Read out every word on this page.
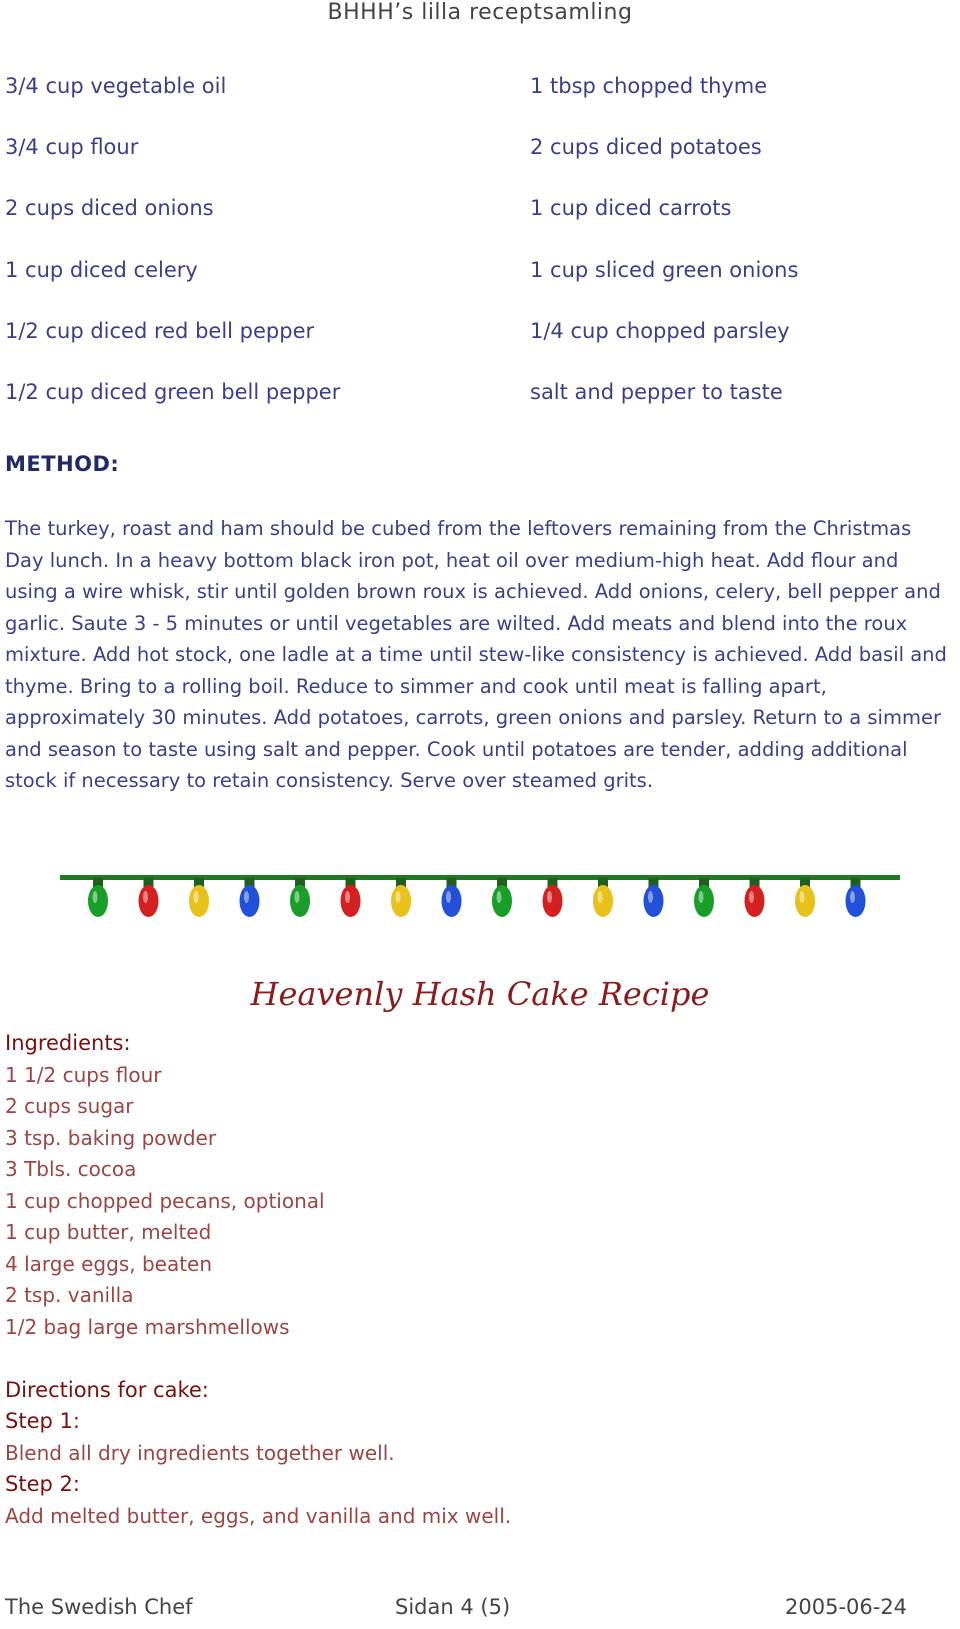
BHHH’s lilla receptsamling
3/4 cup vegetable oil	1 tbsp chopped thyme
3/4 cup flour	2 cups diced potatoes
2 cups diced onions	1 cup diced carrots
1 cup diced celery	1 cup sliced green onions
1/2 cup diced red bell pepper	1/4 cup chopped parsley
1/2 cup diced green bell pepper	salt and pepper to taste
METHOD:

The turkey, roast and ham should be cubed from the leftovers remaining from the Christmas Day lunch. In a heavy bottom black iron pot, heat oil over medium-high heat. Add flour and using a wire whisk, stir until golden brown roux is achieved. Add onions, celery, bell pepper and garlic. Saute 3 - 5 minutes or until vegetables are wilted. Add meats and blend into the roux mixture. Add hot stock, one ladle at a time until stew-like consistency is achieved. Add basil and thyme. Bring to a rolling boil. Reduce to simmer and cook until meat is falling apart, approximately 30 minutes. Add potatoes, carrots, green onions and parsley. Return to a simmer and season to taste using salt and pepper. Cook until potatoes are tender, adding additional stock if necessary to retain consistency. Serve over steamed grits.

Heavenly Hash Cake Recipe
Ingredients:
1 1/2 cups flour
2 cups sugar
3 tsp. baking powder
3 Tbls. cocoa
1 cup chopped pecans, optional
1 cup butter, melted
4 large eggs, beaten
2 tsp. vanilla
1/2 bag large marshmellows
Directions for cake:
Step 1:
Blend all dry ingredients together well.
Step 2:
Add melted butter, eggs, and vanilla and mix well.
The Swedish Chef	Sidan 4 (5)	2005-06-24
